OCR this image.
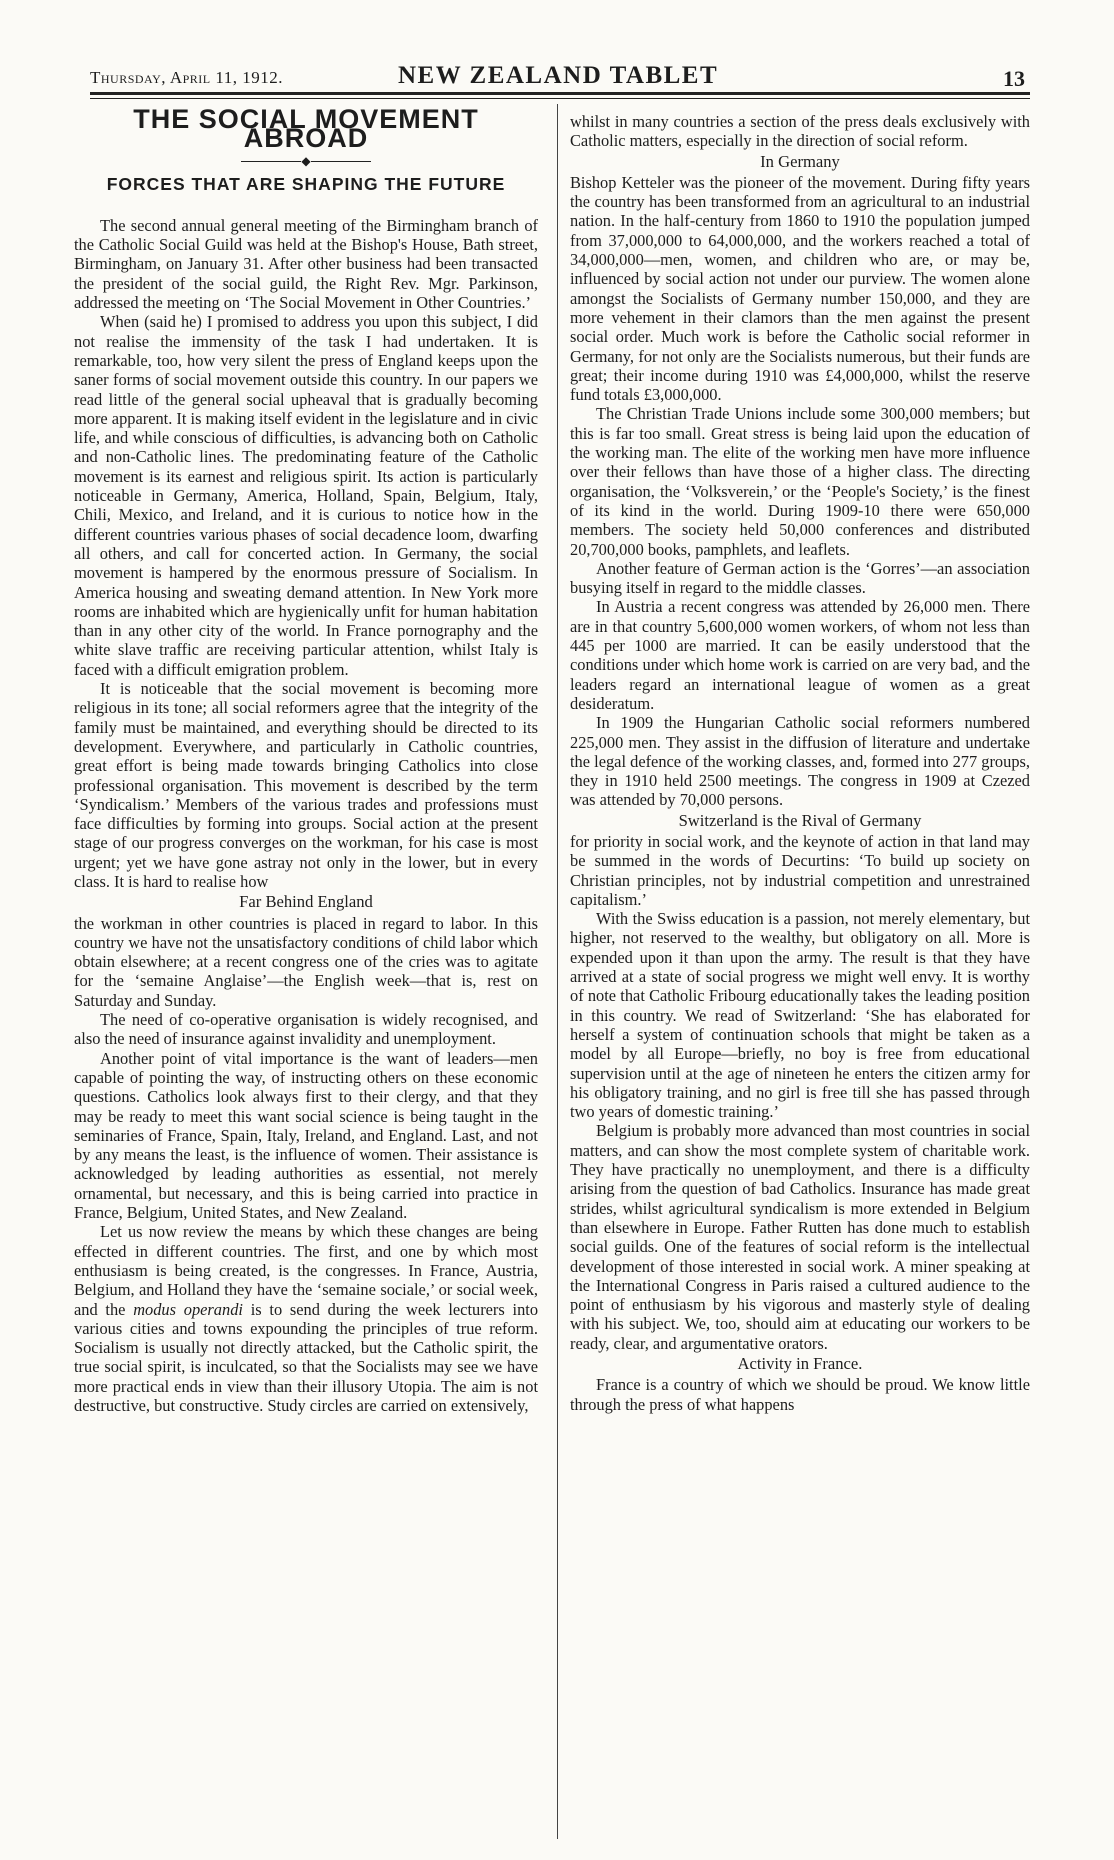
Thursday, April 11, 1912.	NEW ZEALAND TABLET	13
THE SOCIAL MOVEMENT ABROAD
◆
FORCES THAT ARE SHAPING THE FUTURE

The second annual general meeting of the Birmingham branch of the Catholic Social Guild was held at the Bishop's House, Bath street, Birmingham, on January 31. After other business had been transacted the president of the social guild, the Right Rev. Mgr. Parkinson, addressed the meeting on ‘The Social Movement in Other Countries.’

When (said he) I promised to address you upon this subject, I did not realise the immensity of the task I had undertaken. It is remarkable, too, how very silent the press of England keeps upon the saner forms of social movement outside this country. In our papers we read little of the general social upheaval that is gradually becoming more apparent. It is making itself evident in the legislature and in civic life, and while conscious of difficulties, is advancing both on Catholic and non-Catholic lines. The predominating feature of the Catholic movement is its earnest and religious spirit. Its action is particularly noticeable in Germany, America, Holland, Spain, Belgium, Italy, Chili, Mexico, and Ireland, and it is curious to notice how in the different countries various phases of social decadence loom, dwarfing all others, and call for concerted action. In Germany, the social movement is hampered by the enormous pressure of Socialism. In America housing and sweating demand attention. In New York more rooms are inhabited which are hygienically unfit for human habitation than in any other city of the world. In France pornography and the white slave traffic are receiving particular attention, whilst Italy is faced with a difficult emigration problem.

It is noticeable that the social movement is becoming more religious in its tone; all social reformers agree that the integrity of the family must be maintained, and everything should be directed to its development. Everywhere, and particularly in Catholic countries, great effort is being made towards bringing Catholics into close professional organisation. This movement is described by the term ‘Syndicalism.’ Members of the various trades and professions must face difficulties by forming into groups. Social action at the present stage of our progress converges on the workman, for his case is most urgent; yet we have gone astray not only in the lower, but in every class. It is hard to realise how

Far Behind England

the workman in other countries is placed in regard to labor. In this country we have not the unsatisfactory conditions of child labor which obtain elsewhere; at a recent congress one of the cries was to agitate for the ‘semaine Anglaise’—the English week—that is, rest on Saturday and Sunday.

The need of co-operative organisation is widely recognised, and also the need of insurance against invalidity and unemployment.

Another point of vital importance is the want of leaders—men capable of pointing the way, of instructing others on these economic questions. Catholics look always first to their clergy, and that they may be ready to meet this want social science is being taught in the seminaries of France, Spain, Italy, Ireland, and England. Last, and not by any means the least, is the influence of women. Their assistance is acknowledged by leading authorities as essential, not merely ornamental, but necessary, and this is being carried into practice in France, Belgium, United States, and New Zealand.

Let us now review the means by which these changes are being effected in different countries. The first, and one by which most enthusiasm is being created, is the congresses. In France, Austria, Belgium, and Holland they have the ‘semaine sociale,’ or social week, and the modus operandi is to send during the week lecturers into various cities and towns expounding the principles of true reform. Socialism is usually not directly attacked, but the Catholic spirit, the true social spirit, is inculcated, so that the Socialists may see we have more practical ends in view than their illusory Utopia. The aim is not destructive, but constructive. Study circles are carried on extensively,

whilst in many countries a section of the press deals exclusively with Catholic matters, especially in the direction of social reform.

In Germany

Bishop Ketteler was the pioneer of the movement. During fifty years the country has been transformed from an agricultural to an industrial nation. In the half-century from 1860 to 1910 the population jumped from 37,000,000 to 64,000,000, and the workers reached a total of 34,000,000—men, women, and children who are, or may be, influenced by social action not under our purview. The women alone amongst the Socialists of Germany number 150,000, and they are more vehement in their clamors than the men against the present social order. Much work is before the Catholic social reformer in Germany, for not only are the Socialists numerous, but their funds are great; their income during 1910 was £4,000,000, whilst the reserve fund totals £3,000,000.

The Christian Trade Unions include some 300,000 members; but this is far too small. Great stress is being laid upon the education of the working man. The elite of the working men have more influence over their fellows than have those of a higher class. The directing organisation, the ‘Volksverein,’ or the ‘People's Society,’ is the finest of its kind in the world. During 1909-10 there were 650,000 members. The society held 50,000 conferences and distributed 20,700,000 books, pamphlets, and leaflets.

Another feature of German action is the ‘Gorres’—an association busying itself in regard to the middle classes.

In Austria a recent congress was attended by 26,000 men. There are in that country 5,600,000 women workers, of whom not less than 445 per 1000 are married. It can be easily understood that the conditions under which home work is carried on are very bad, and the leaders regard an international league of women as a great desideratum.

In 1909 the Hungarian Catholic social reformers numbered 225,000 men. They assist in the diffusion of literature and undertake the legal defence of the working classes, and, formed into 277 groups, they in 1910 held 2500 meetings. The congress in 1909 at Czezed was attended by 70,000 persons.

Switzerland is the Rival of Germany

for priority in social work, and the keynote of action in that land may be summed in the words of Decurtins: ‘To build up society on Christian principles, not by industrial competition and unrestrained capitalism.’

With the Swiss education is a passion, not merely elementary, but higher, not reserved to the wealthy, but obligatory on all. More is expended upon it than upon the army. The result is that they have arrived at a state of social progress we might well envy. It is worthy of note that Catholic Fribourg educationally takes the leading position in this country. We read of Switzerland: ‘She has elaborated for herself a system of continuation schools that might be taken as a model by all Europe—briefly, no boy is free from educational supervision until at the age of nineteen he enters the citizen army for his obligatory training, and no girl is free till she has passed through two years of domestic training.’

Belgium is probably more advanced than most countries in social matters, and can show the most complete system of charitable work. They have practically no unemployment, and there is a difficulty arising from the question of bad Catholics. Insurance has made great strides, whilst agricultural syndicalism is more extended in Belgium than elsewhere in Europe. Father Rutten has done much to establish social guilds. One of the features of social reform is the intellectual development of those interested in social work. A miner speaking at the International Congress in Paris raised a cultured audience to the point of enthusiasm by his vigorous and masterly style of dealing with his subject. We, too, should aim at educating our workers to be ready, clear, and argumentative orators.

Activity in France.

France is a country of which we should be proud. We know little through the press of what happens
